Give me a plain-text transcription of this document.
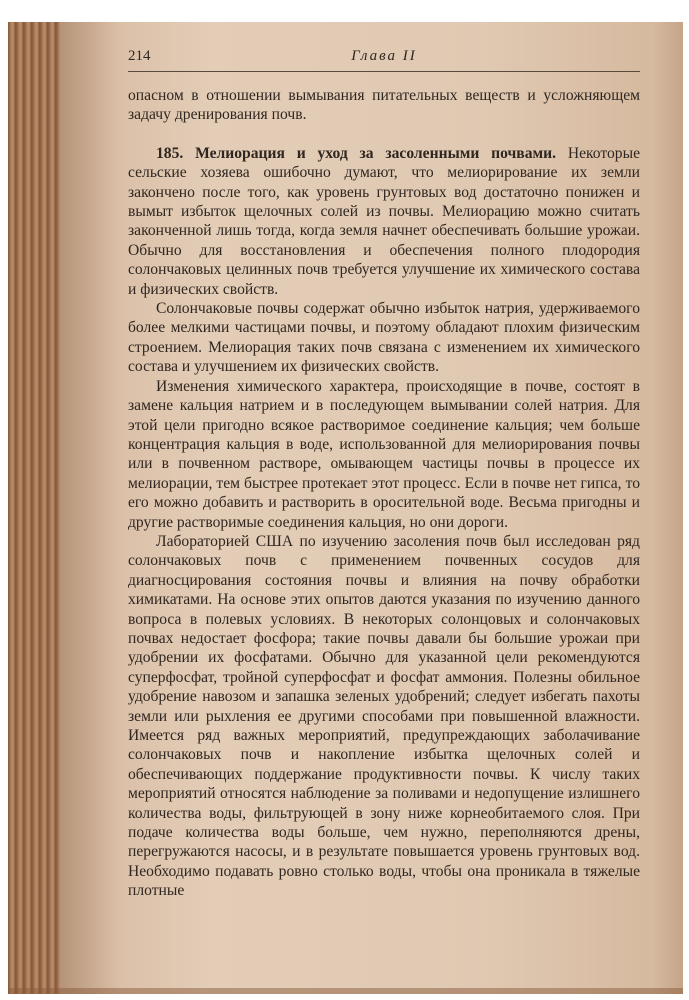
214	Глава II

опасном в отношении вымывания питательных веществ и усложняющем задачу дренирования почв.

185. Мелиорация и уход за засоленными почвами. Некоторые сельские хозяева ошибочно думают, что мелиорирование их земли закончено после того, как уровень грунтовых вод достаточно понижен и вымыт избыток щелочных солей из почвы. Мелиорацию можно считать законченной лишь тогда, когда земля начнет обеспечивать большие урожаи. Обычно для восстановления и обеспечения полного плодородия солончаковых целинных почв требуется улучшение их химического состава и физических свойств.

Солончаковые почвы содержат обычно избыток натрия, удерживаемого более мелкими частицами почвы, и поэтому обладают плохим физическим строением. Мелиорация таких почв связана с изменением их химического состава и улучшением их физических свойств.

Изменения химического характера, происходящие в почве, состоят в замене кальция натрием и в последующем вымывании солей натрия. Для этой цели пригодно всякое растворимое соединение кальция; чем больше концентрация кальция в воде, использованной для мелиорирования почвы или в почвенном растворе, омывающем частицы почвы в процессе их мелиорации, тем быстрее протекает этот процесс. Если в почве нет гипса, то его можно добавить и растворить в оросительной воде. Весьма пригодны и другие растворимые соединения кальция, но они дороги.

Лабораторией США по изучению засоления почв был исследован ряд солончаковых почв с применением почвенных сосудов для диагносцирования состояния почвы и влияния на почву обработки химикатами. На основе этих опытов даются указания по изучению данного вопроса в полевых условиях. В некоторых солонцовых и солончаковых почвах недостает фосфора; такие почвы давали бы большие урожаи при удобрении их фосфатами. Обычно для указанной цели рекомендуются суперфосфат, тройной суперфосфат и фосфат аммония. Полезны обильное удобрение навозом и запашка зеленых удобрений; следует избегать пахоты земли или рыхления ее другими способами при повышенной влажности. Имеется ряд важных мероприятий, предупреждающих заболачивание солончаковых почв и накопление избытка щелочных солей и обеспечивающих поддержание продуктивности почвы. К числу таких мероприятий относятся наблюдение за поливами и недопущение излишнего количества воды, фильтрующей в зону ниже корнеобитаемого слоя. При подаче количества воды больше, чем нужно, переполняются дрены, перегружаются насосы, и в результате повышается уровень грунтовых вод. Необходимо подавать ровно столько воды, чтобы она проникала в тяжелые плотные
